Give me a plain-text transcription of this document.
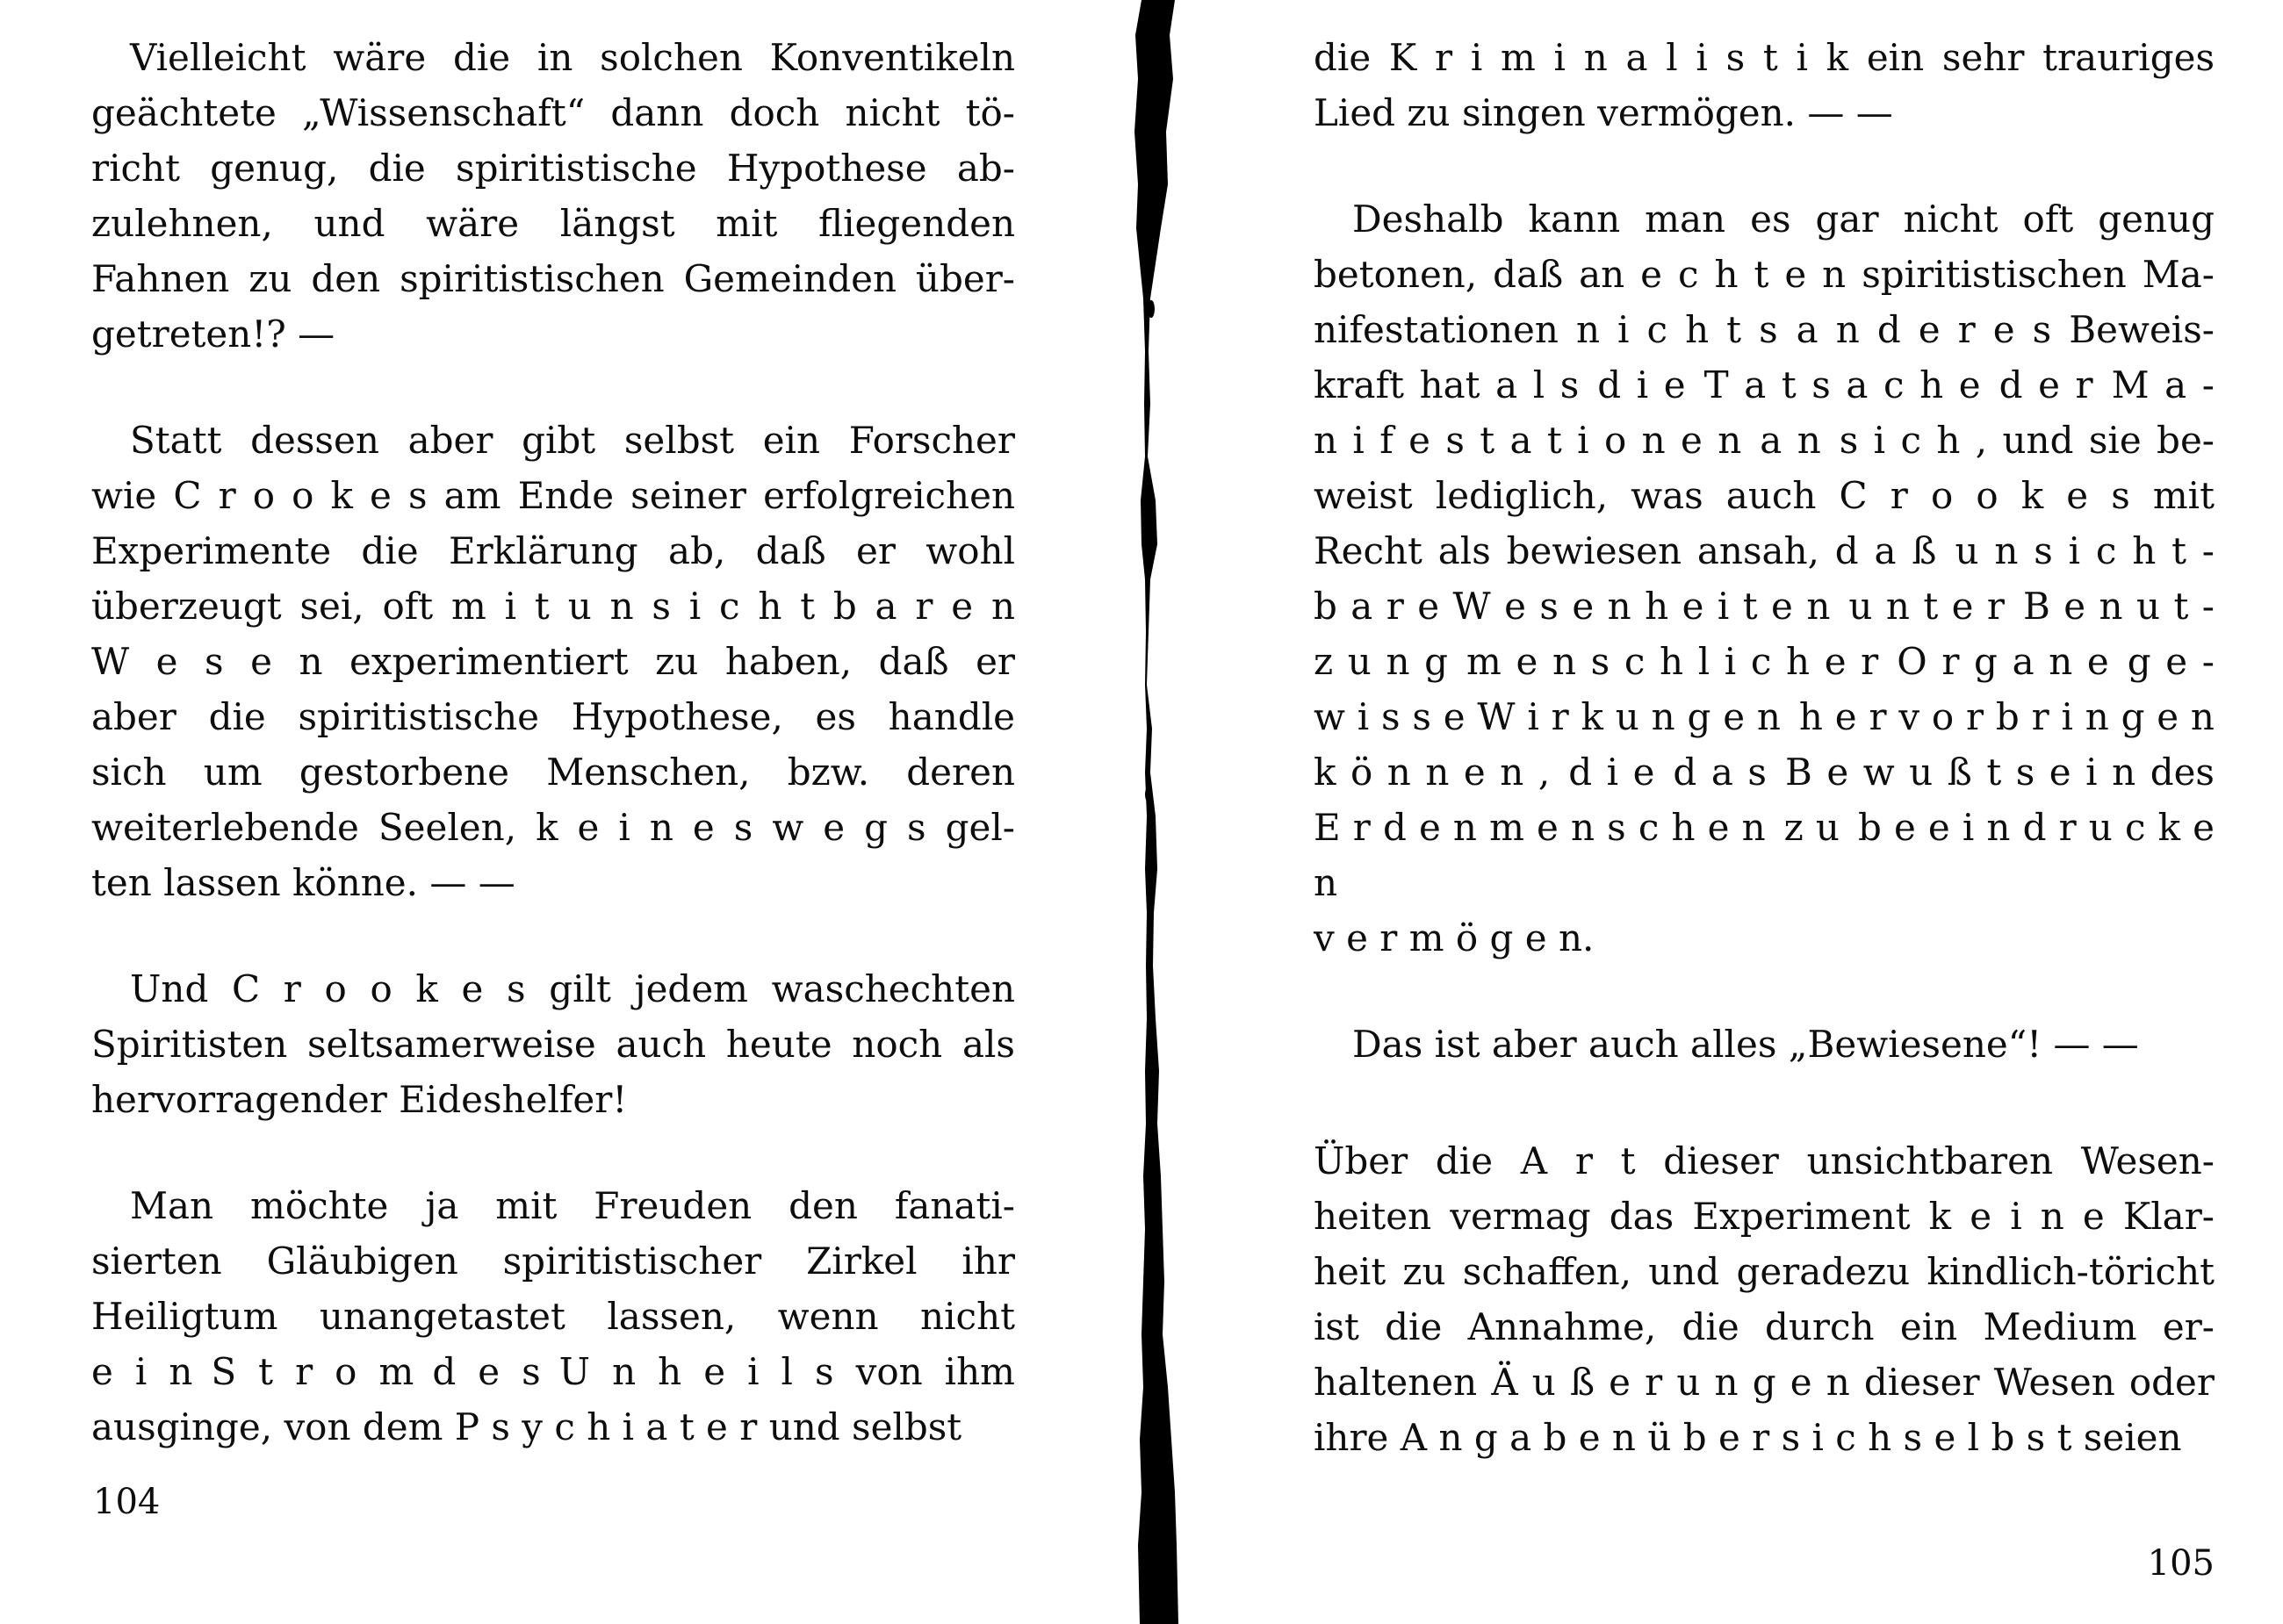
Vielleicht wäre die in solchen Konventikeln
geächtete „Wissenschaft“ dann doch nicht tö-
richt genug, die spiritistische Hypothese ab-
zulehnen, und wäre längst mit fliegenden
Fahnen zu den spiritistischen Gemeinden über-
getreten!? —
Statt dessen aber gibt selbst ein Forscher
wie C r o o k e s am Ende seiner erfolgreichen
Experimente die Erklärung ab, daß er wohl
überzeugt sei, oft m i t u n s i c h t b a r e n
W e s e n experimentiert zu haben, daß er
aber die spiritistische Hypothese, es handle
sich um gestorbene Menschen, bzw. deren
weiterlebende Seelen, k e i n e s w e g s gel-
ten lassen könne. — —
Und C r o o k e s gilt jedem waschechten
Spiritisten seltsamerweise auch heute noch als
hervorragender Eideshelfer!
Man möchte ja mit Freuden den fanati-
sierten Gläubigen spiritistischer Zirkel ihr
Heiligtum unangetastet lassen, wenn nicht
e i n S t r o m d e s U n h e i l s von ihm
ausginge, von dem P s y c h i a t e r und selbst
die K r i m i n a l i s t i k ein sehr trauriges
Lied zu singen vermögen. — —
Deshalb kann man es gar nicht oft genug
betonen, daß an e c h t e n spiritistischen Ma-
nifestationen n i c h t s a n d e r e s Beweis-
kraft hat a l s d i e T a t s a c h e d e r M a -
n i f e s t a t i o n e n a n s i c h , und sie be-
weist lediglich, was auch C r o o k e s mit
Recht als bewiesen ansah, d a ß u n s i c h t -
b a r e W e s e n h e i t e n u n t e r B e n u t -
z u n g m e n s c h l i c h e r O r g a n e g e -
w i s s e W i r k u n g e n h e r v o r b r i n g e n
k ö n n e n , d i e d a s B e w u ß t s e i n des
E r d e n m e n s c h e n z u b e e i n d r u c k e n
v e r m ö g e n.
Das ist aber auch alles „Bewiesene“! — —
Über die A r t dieser unsichtbaren Wesen-
heiten vermag das Experiment k e i n e Klar-
heit zu schaffen, und geradezu kindlich-töricht
ist die Annahme, die durch ein Medium er-
haltenen Ä u ß e r u n g e n dieser Wesen oder
ihre A n g a b e n ü b e r s i c h s e l b s t seien
104
105
